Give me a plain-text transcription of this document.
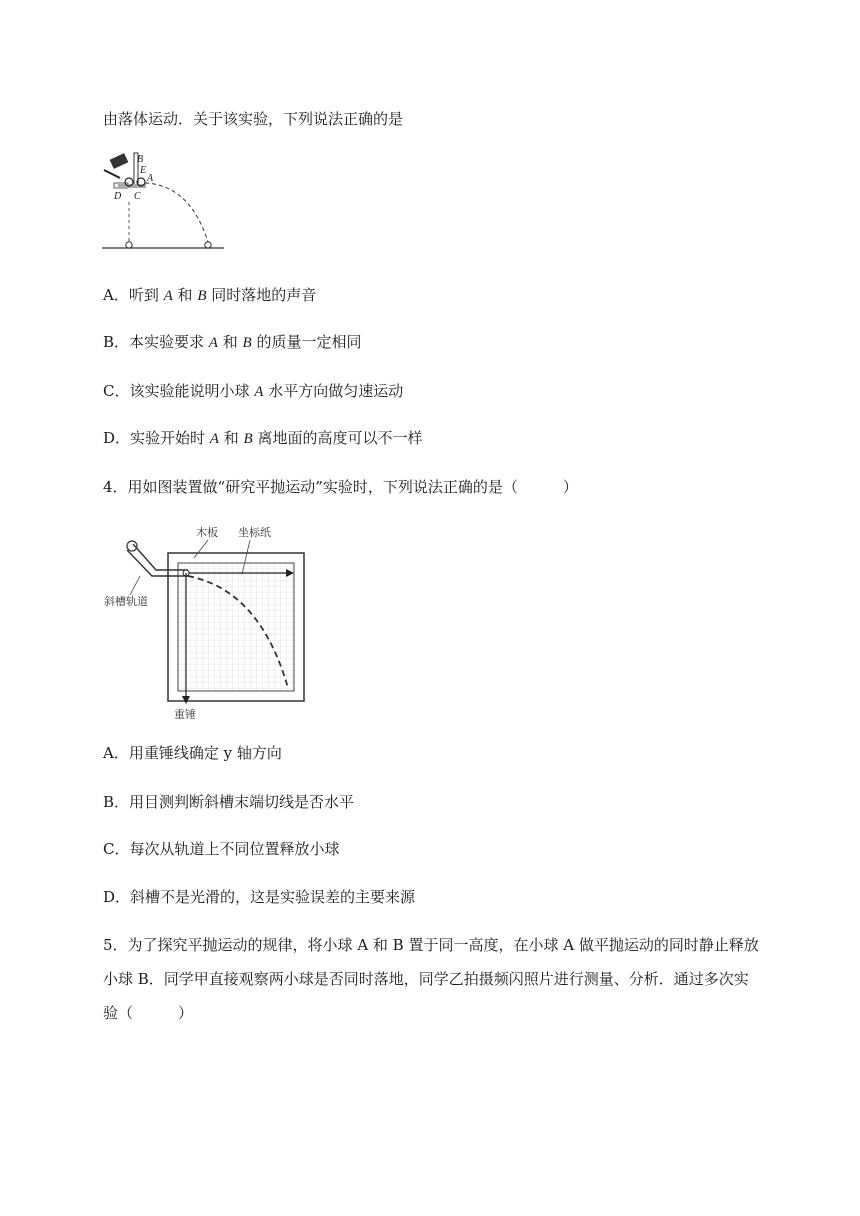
由落体运动．关于该实验，下列说法正确的是
B
E
A
D C
A．听到 A 和 B 同时落地的声音
B．本实验要求 A 和 B 的质量一定相同
C．该实验能说明小球 A 水平方向做匀速运动
D．实验开始时 A 和 B 离地面的高度可以不一样
4．用如图装置做“研究平抛运动”实验时，下列说法正确的是（　　　）
木板 坐标纸
斜槽轨道
重锤
A．用重锤线确定 y 轴方向
B．用目测判断斜槽末端切线是否水平
C．每次从轨道上不同位置释放小球
D．斜槽不是光滑的，这是实验误差的主要来源
5．为了探究平抛运动的规律，将小球 A 和 B 置于同一高度，在小球 A 做平抛运动的同时静止释放
小球 B．同学甲直接观察两小球是否同时落地，同学乙拍摄频闪照片进行测量、分析．通过多次实
验（　　　）
